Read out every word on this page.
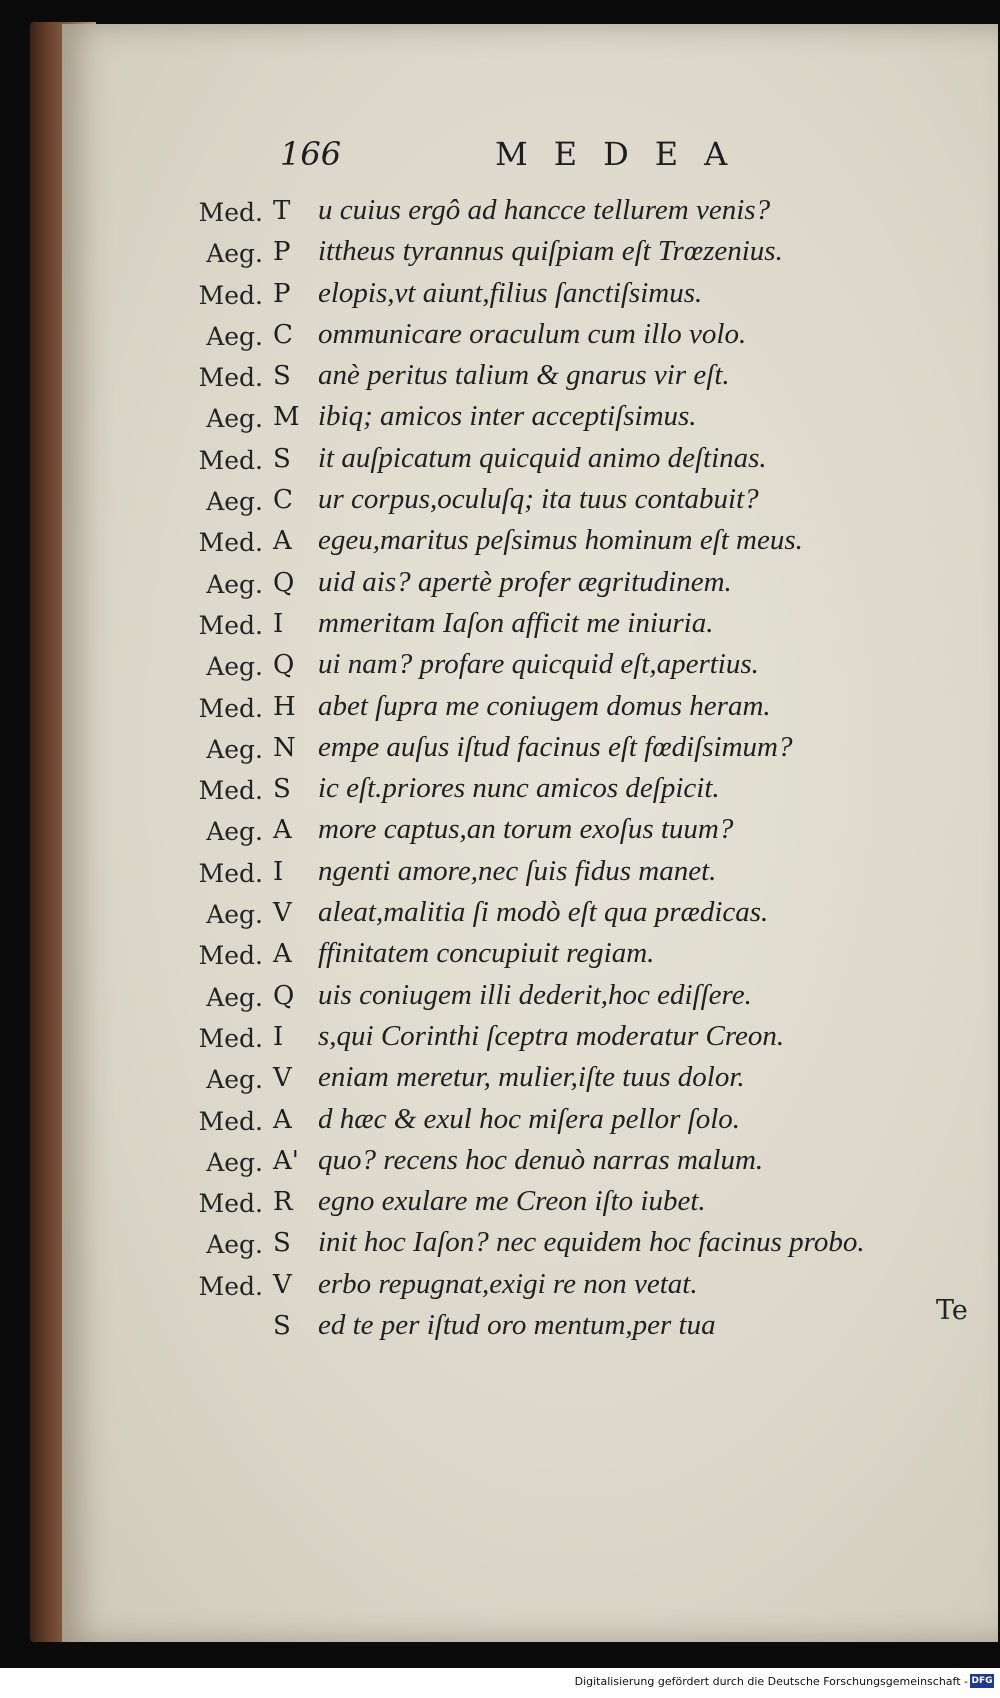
166	MEDEA
Med. T u cuius ergô ad hancce tellurem venis?
Aeg. P ittheus tyrannus quiſpiam eſt Trœzenius.
Med. P elopis,vt aiunt,filius ſanctiſsimus.
Aeg. C ommunicare oraculum cum illo volo.
Med. S anè peritus talium & gnarus vir eſt.
Aeg. M ibiq; amicos inter acceptiſsimus.
Med. S it auſpicatum quicquid animo deſtinas.
Aeg. C ur corpus,oculuſq; ita tuus contabuit?
Med. A egeu,maritus peſsimus hominum eſt meus.
Aeg. Q uid ais? apertè profer ægritudinem.
Med. I	mmeritam Iaſon afficit me iniuria.
Aeg. Q ui nam? profare quicquid eſt,apertius.
Med. H abet ſupra me coniugem domus heram.
Aeg. N empe auſus iſtud facinus eſt fœdiſsimum?
Med. S ic eſt.priores nunc amicos deſpicit.
Aeg. A more captus,an torum exoſus tuum?
Med. I	ngenti amore,nec ſuis fidus manet.
Aeg. V aleat,malitia ſi modò eſt qua prædicas.
Med. A ffinitatem concupiuit regiam.
Aeg. Q uis coniugem illi dederit,hoc ediſſere.
Med. I	s,qui Corinthi ſceptra moderatur Creon.
Aeg. V eniam meretur, mulier,iſte tuus dolor.
Med. A d hæc & exul hoc miſera pellor ſolo.
Aeg. A' quo? recens hoc denuò narras malum.
Med. R egno exulare me Creon iſto iubet.
Aeg. S init hoc Iaſon? nec equidem hoc facinus probo.
Med. V erbo repugnat,exigi re non vetat.
S ed te per iſtud oro mentum,per tua	Te
Digitalisierung gefördert durch die Deutsche Forschungsgemeinschaft - DFG
